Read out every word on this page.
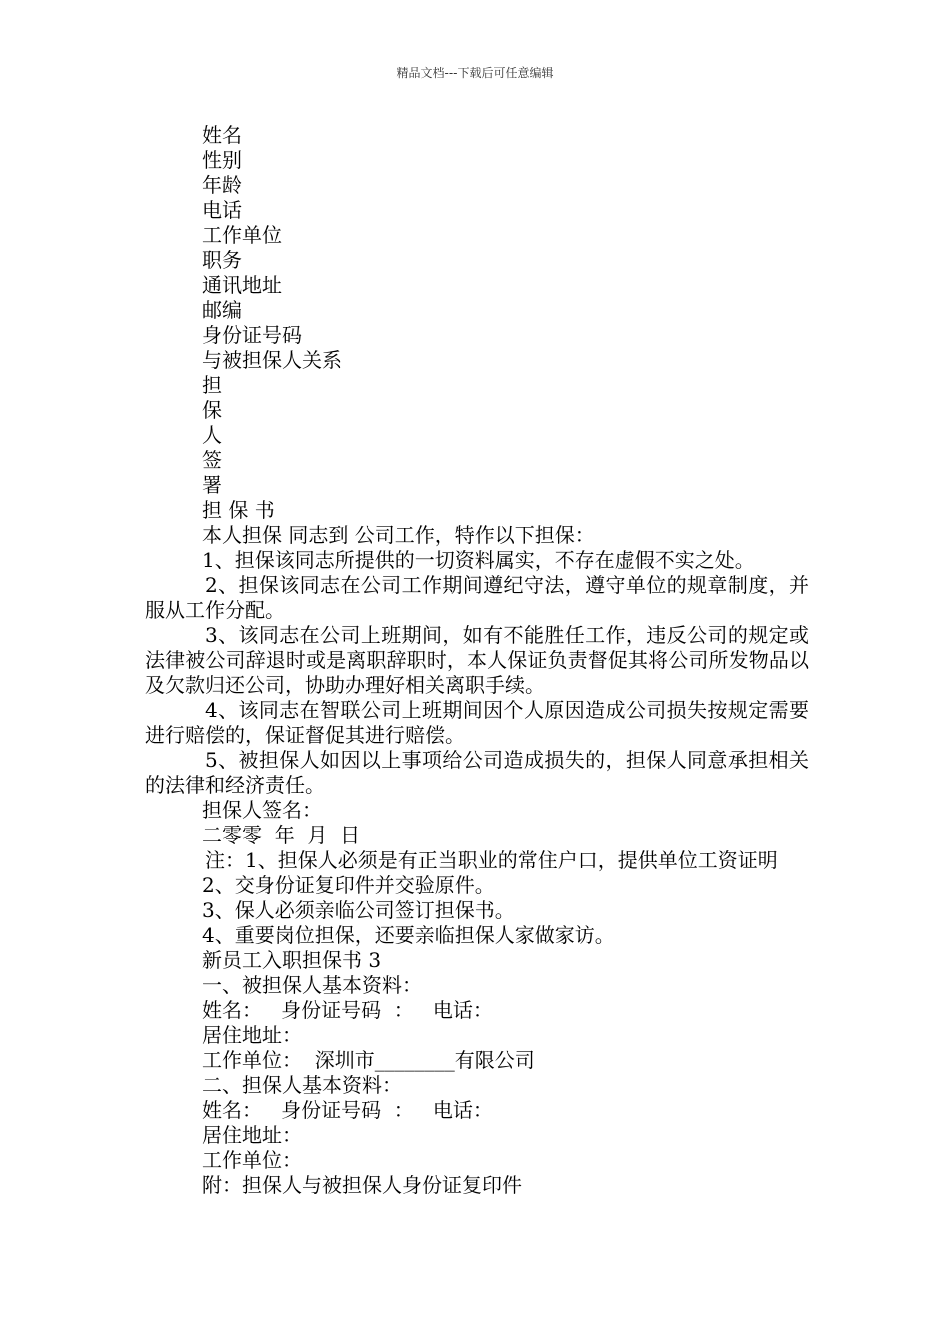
精品文档---下载后可任意编辑
姓名
性别
年龄
电话
工作单位
职务
通讯地址
邮编
身份证号码
与被担保人关系
担
保
人
签
署
担 保 书
本人担保 同志到 公司工作，特作以下担保：
1、担保该同志所提供的一切资料属实，不存在虚假不实之处。
2、担保该同志在公司工作期间遵纪守法，遵守单位的规章制度，并服从工作分配。
3、该同志在公司上班期间，如有不能胜任工作，违反公司的规定或法律被公司辞退时或是离职辞职时，本人保证负责督促其将公司所发物品以及欠款归还公司，协助办理好相关离职手续。
4、该同志在智联公司上班期间因个人原因造成公司损失按规定需要进行赔偿的，保证督促其进行赔偿。
5、被担保人如因以上事项给公司造成损失的，担保人同意承担相关的法律和经济责任。
担保人签名：
二零零  年  月  日
注：1、担保人必须是有正当职业的常住户口，提供单位工资证明
2、交身份证复印件并交验原件。
3、保人必须亲临公司签订担保书。
4、重要岗位担保，还要亲临担保人家做家访。
新员工入职担保书 3
一、被担保人基本资料：
姓名：   身份证号码  ：   电话：
居住地址：
工作单位：  深圳市________有限公司
二、担保人基本资料：
姓名：   身份证号码  ：   电话：
居住地址：
工作单位：
附：担保人与被担保人身份证复印件
